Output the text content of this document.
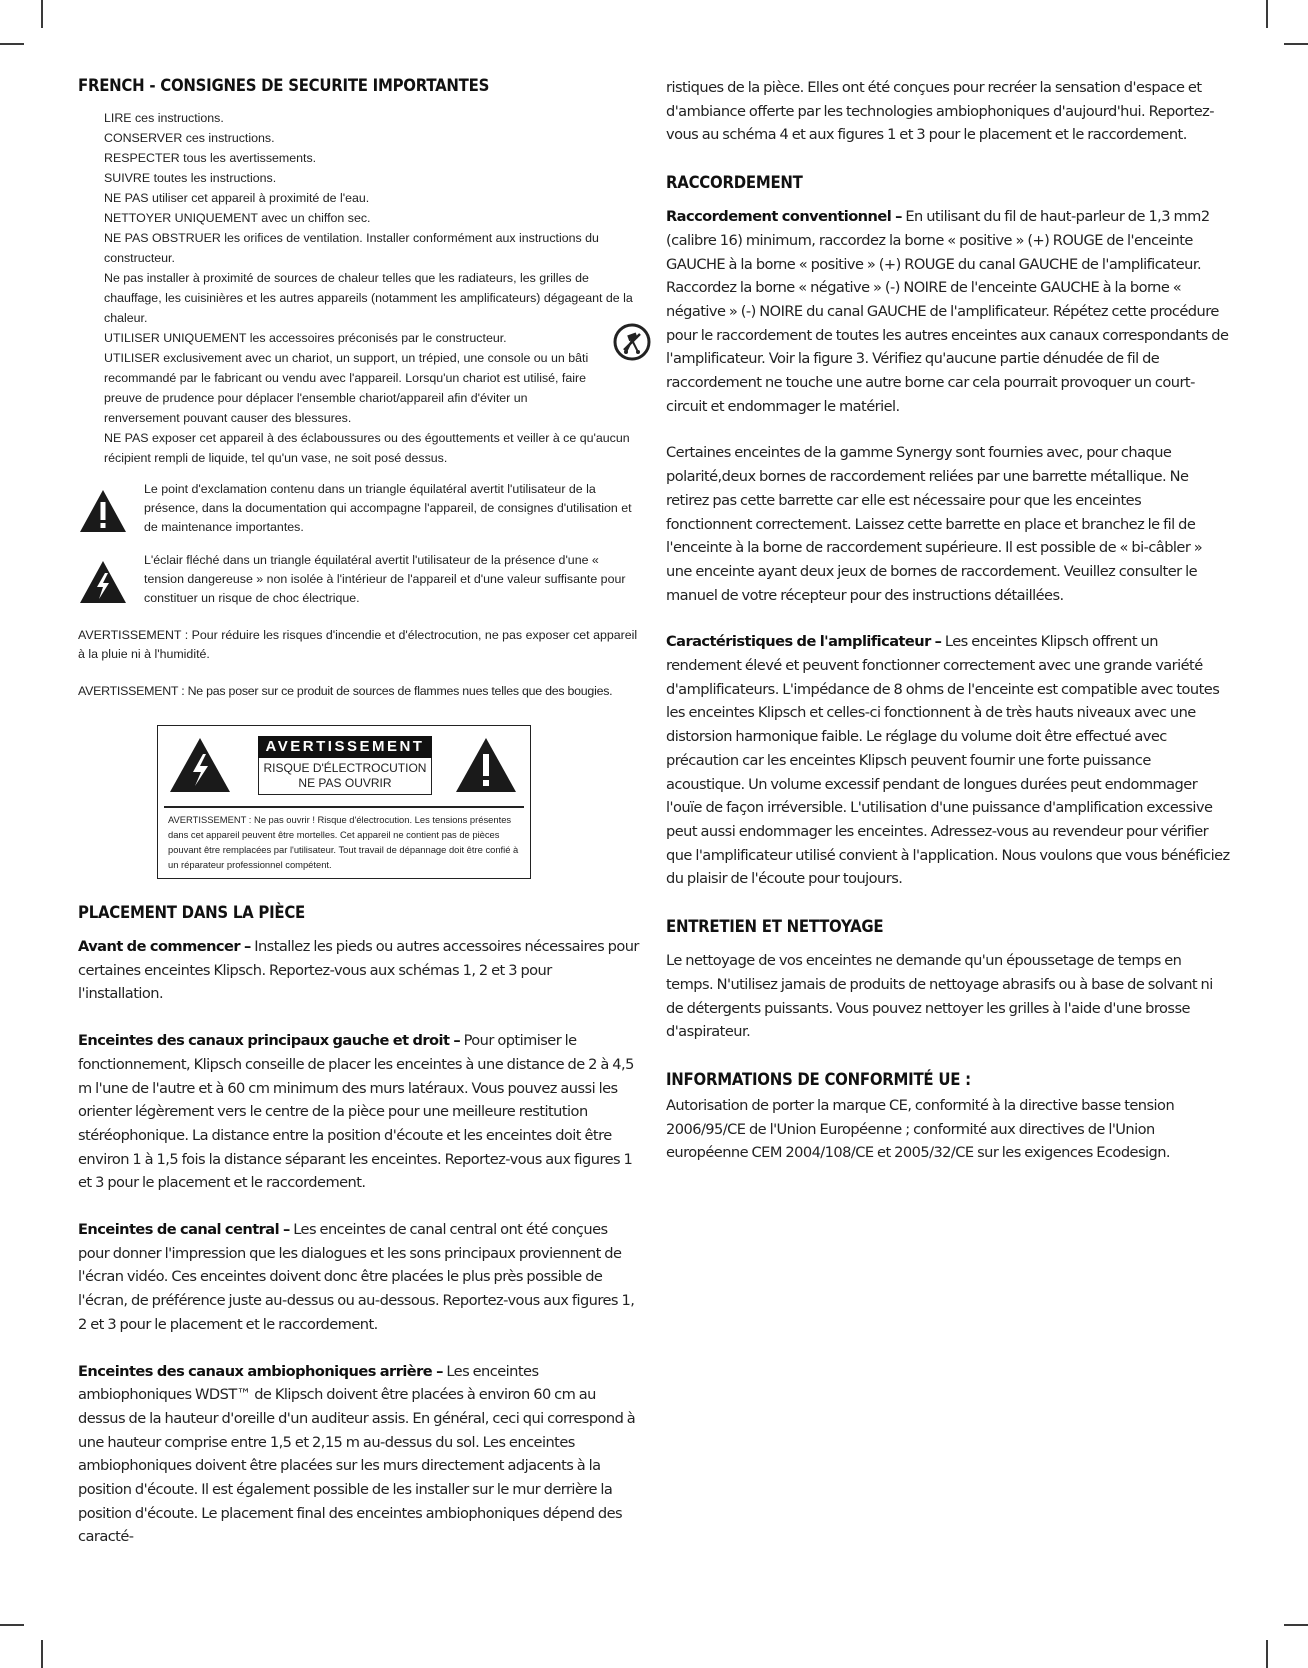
FRENCH - CONSIGNES DE SECURITE IMPORTANTES
LIRE ces instructions.
CONSERVER ces instructions.
RESPECTER tous les avertissements.
SUIVRE toutes les instructions.
NE PAS utiliser cet appareil à proximité de l'eau.
NETTOYER UNIQUEMENT avec un chiffon sec.
NE PAS OBSTRUER les orifices de ventilation. Installer conformément aux instructions du constructeur.
Ne pas installer à proximité de sources de chaleur telles que les radiateurs, les grilles de chauffage, les cuisinières et les autres appareils (notamment les amplificateurs) dégageant de la chaleur.
UTILISER UNIQUEMENT les accessoires préconisés par le constructeur.
UTILISER exclusivement avec un chariot, un support, un trépied, une console ou un bâti recommandé par le fabricant ou vendu avec l'appareil. Lorsqu'un chariot est utilisé, faire preuve de prudence pour déplacer l'ensemble chariot/appareil afin d'éviter un renversement pouvant causer des blessures.
NE PAS exposer cet appareil à des éclaboussures ou des égouttements et veiller à ce qu'aucun récipient rempli de liquide, tel qu'un vase, ne soit posé dessus.
Le point d'exclamation contenu dans un triangle équilatéral avertit l'utilisateur de la présence, dans la documentation qui accompagne l'appareil, de consignes d'utilisation et de maintenance importantes.
L'éclair fléché dans un triangle équilatéral avertit l'utilisateur de la présence d'une « tension dangereuse » non isolée à l'intérieur de l'appareil et d'une valeur suffisante pour constituer un risque de choc électrique.
AVERTISSEMENT : Pour réduire les risques d'incendie et d'électrocution, ne pas exposer cet appareil à la pluie ni à l'humidité.
AVERTISSEMENT : Ne pas poser sur ce produit de sources de flammes nues telles que des bougies.
AVERTISSEMENT
RISQUE D'ÉLECTROCUTION
NE PAS OUVRIR
AVERTISSEMENT : Ne pas ouvrir ! Risque d'électrocution. Les tensions présentes dans cet appareil peuvent être mortelles. Cet appareil ne contient pas de pièces pouvant être remplacées par l'utilisateur. Tout travail de dépannage doit être confié à un réparateur professionnel compétent.
PLACEMENT DANS LA PIÈCE

Avant de commencer – Installez les pieds ou autres accessoires nécessaires pour certaines enceintes Klipsch. Reportez-vous aux schémas 1, 2 et 3 pour l'installation.

Enceintes des canaux principaux gauche et droit – Pour optimiser le fonctionnement, Klipsch conseille de placer les enceintes à une distance de 2 à 4,5 m l'une de l'autre et à 60 cm minimum des murs latéraux. Vous pouvez aussi les orienter légèrement vers le centre de la pièce pour une meilleure restitution stéréophonique. La distance entre la position d'écoute et les enceintes doit être environ 1 à 1,5 fois la distance séparant les enceintes. Reportez-vous aux figures 1 et 3 pour le placement et le raccordement.

Enceintes de canal central – Les enceintes de canal central ont été conçues pour donner l'impression que les dialogues et les sons principaux proviennent de l'écran vidéo. Ces enceintes doivent donc être placées le plus près possible de l'écran, de préférence juste au-dessus ou au-dessous. Reportez-vous aux figures 1, 2 et 3 pour le placement et le raccordement.

Enceintes des canaux ambiophoniques arrière – Les enceintes ambiophoniques WDST™ de Klipsch doivent être placées à environ 60 cm au dessus de la hauteur d'oreille d'un auditeur assis. En général, ceci qui correspond à une hauteur comprise entre 1,5 et 2,15 m au-dessus du sol. Les enceintes ambiophoniques doivent être placées sur les murs directement adjacents à la position d'écoute. Il est également possible de les installer sur le mur derrière la position d'écoute. Le placement final des enceintes ambiophoniques dépend des caracté-

ristiques de la pièce. Elles ont été conçues pour recréer la sensation d'espace et d'ambiance offerte par les technologies ambiophoniques d'aujourd'hui. Reportez-vous au schéma 4 et aux figures 1 et 3 pour le placement et le raccordement.

RACCORDEMENT

Raccordement conventionnel – En utilisant du fil de haut-parleur de 1,3 mm2 (calibre 16) minimum, raccordez la borne « positive » (+) ROUGE de l'enceinte GAUCHE à la borne « positive » (+) ROUGE du canal GAUCHE de l'amplificateur. Raccordez la borne « négative » (-) NOIRE de l'enceinte GAUCHE à la borne « négative » (-) NOIRE du canal GAUCHE de l'amplificateur. Répétez cette procédure pour le raccordement de toutes les autres enceintes aux canaux correspondants de l'amplificateur. Voir la figure 3. Vérifiez qu'aucune partie dénudée de fil de raccordement ne touche une autre borne car cela pourrait provoquer un court-circuit et endommager le matériel.

Certaines enceintes de la gamme Synergy sont fournies avec, pour chaque polarité,deux bornes de raccordement reliées par une barrette métallique. Ne retirez pas cette barrette car elle est nécessaire pour que les enceintes fonctionnent correctement. Laissez cette barrette en place et branchez le fil de l'enceinte à la borne de raccordement supérieure. Il est possible de « bi-câbler » une enceinte ayant deux jeux de bornes de raccordement. Veuillez consulter le manuel de votre récepteur pour des instructions détaillées.

Caractéristiques de l'amplificateur – Les enceintes Klipsch offrent un rendement élevé et peuvent fonctionner correctement avec une grande variété d'amplificateurs. L'impédance de 8 ohms de l'enceinte est compatible avec toutes les enceintes Klipsch et celles-ci fonctionnent à de très hauts niveaux avec une distorsion harmonique faible. Le réglage du volume doit être effectué avec précaution car les enceintes Klipsch peuvent fournir une forte puissance acoustique. Un volume excessif pendant de longues durées peut endommager l'ouïe de façon irréversible. L'utilisation d'une puissance d'amplification excessive peut aussi endommager les enceintes. Adressez-vous au revendeur pour vérifier que l'amplificateur utilisé convient à l'application. Nous voulons que vous bénéficiez du plaisir de l'écoute pour toujours.

ENTRETIEN ET NETTOYAGE

Le nettoyage de vos enceintes ne demande qu'un époussetage de temps en temps. N'utilisez jamais de produits de nettoyage abrasifs ou à base de solvant ni de détergents puissants. Vous pouvez nettoyer les grilles à l'aide d'une brosse d'aspirateur.

INFORMATIONS DE CONFORMITÉ UE :

Autorisation de porter la marque CE, conformité à la directive basse tension 2006/95/CE de l'Union Européenne ; conformité aux directives de l'Union européenne CEM 2004/108/CE et 2005/32/CE sur les exigences Ecodesign.
